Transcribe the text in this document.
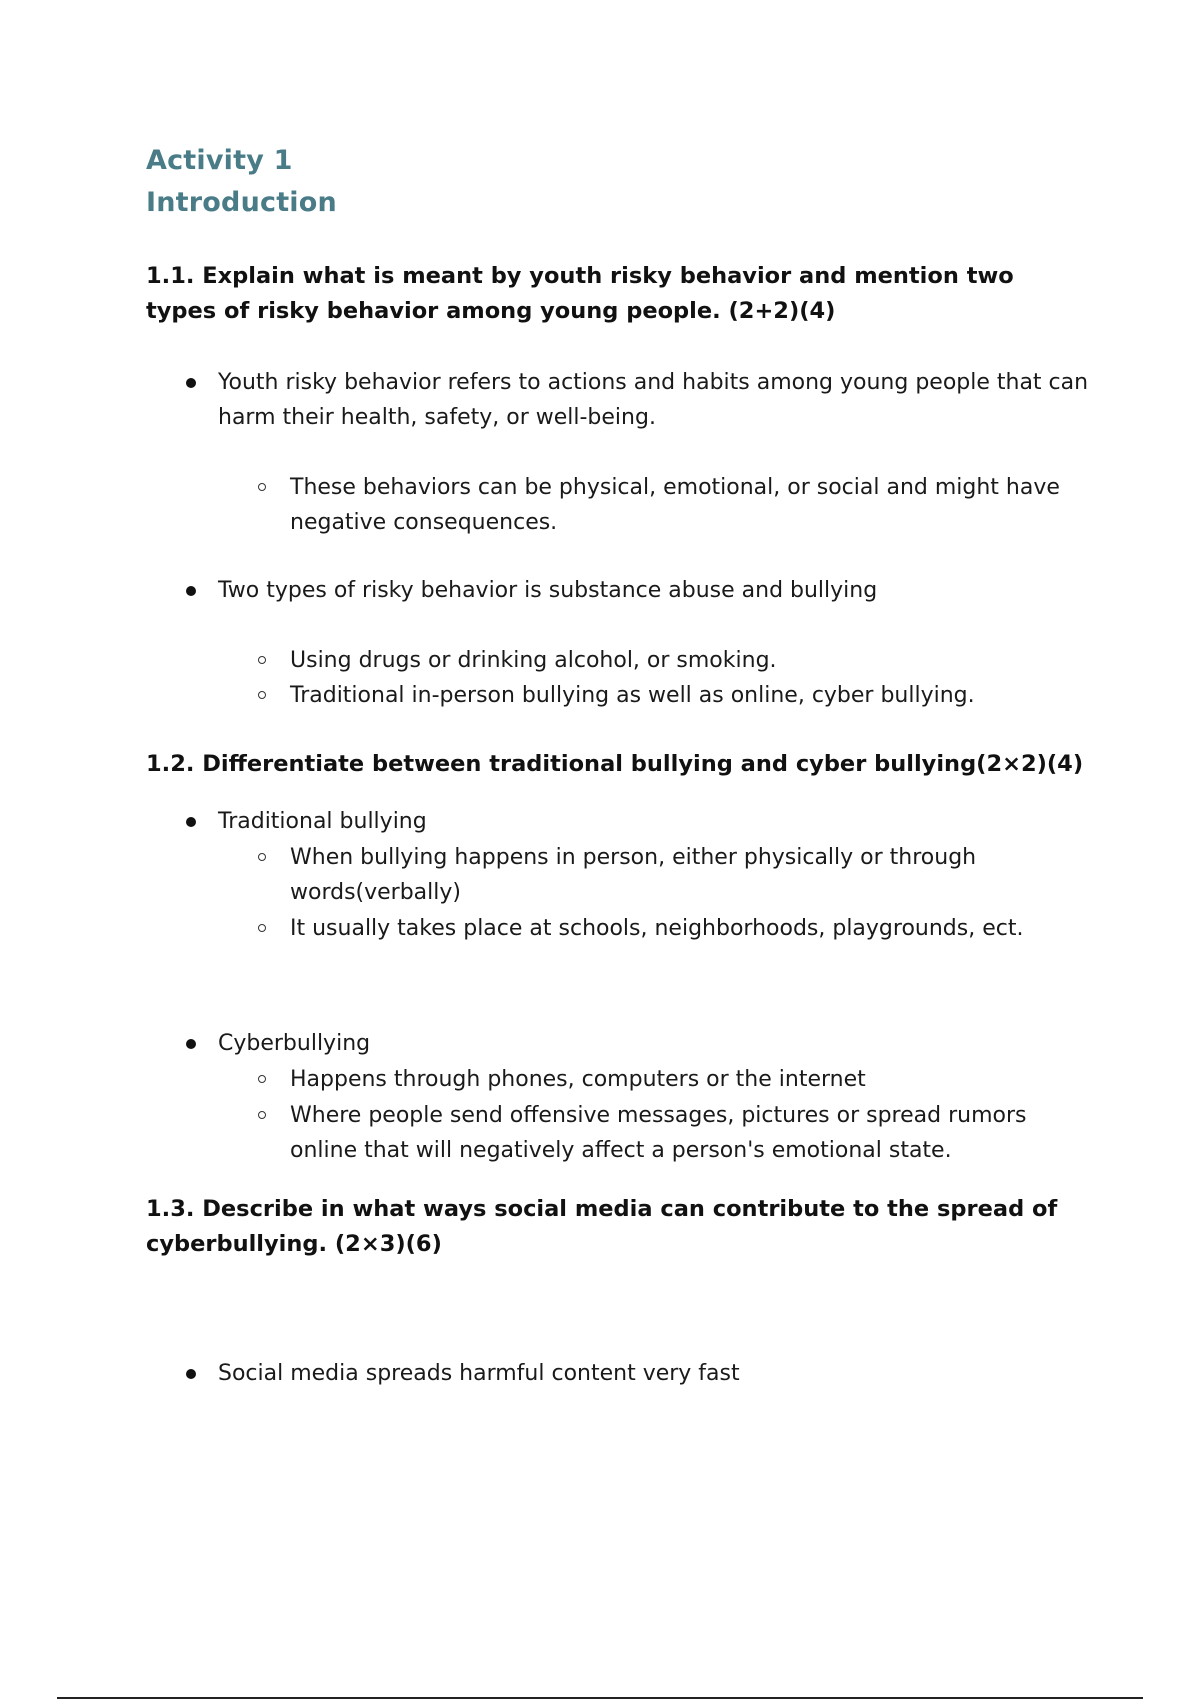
Activity 1
Introduction
1.1. Explain what is meant by youth risky behavior and mention two types of risky behavior among young people. (2+2)(4)
Youth risky behavior refers to actions and habits among young people that can harm their health, safety, or well-being.
These behaviors can be physical, emotional, or social and might have negative consequences.
Two types of risky behavior is substance abuse and bullying
Using drugs or drinking alcohol, or smoking.
Traditional in-person bullying as well as online, cyber bullying.
1.2. Differentiate between traditional bullying and cyber bullying(2×2)(4)
Traditional bullying
When bullying happens in person, either physically or through words(verbally)
It usually takes place at schools, neighborhoods, playgrounds, ect.
Cyberbullying
Happens through phones, computers or the internet
Where people send offensive messages, pictures or spread rumors online that will negatively affect a person's emotional state.
1.3. Describe in what ways social media can contribute to the spread of cyberbullying. (2×3)(6)
Social media spreads harmful content very fast
